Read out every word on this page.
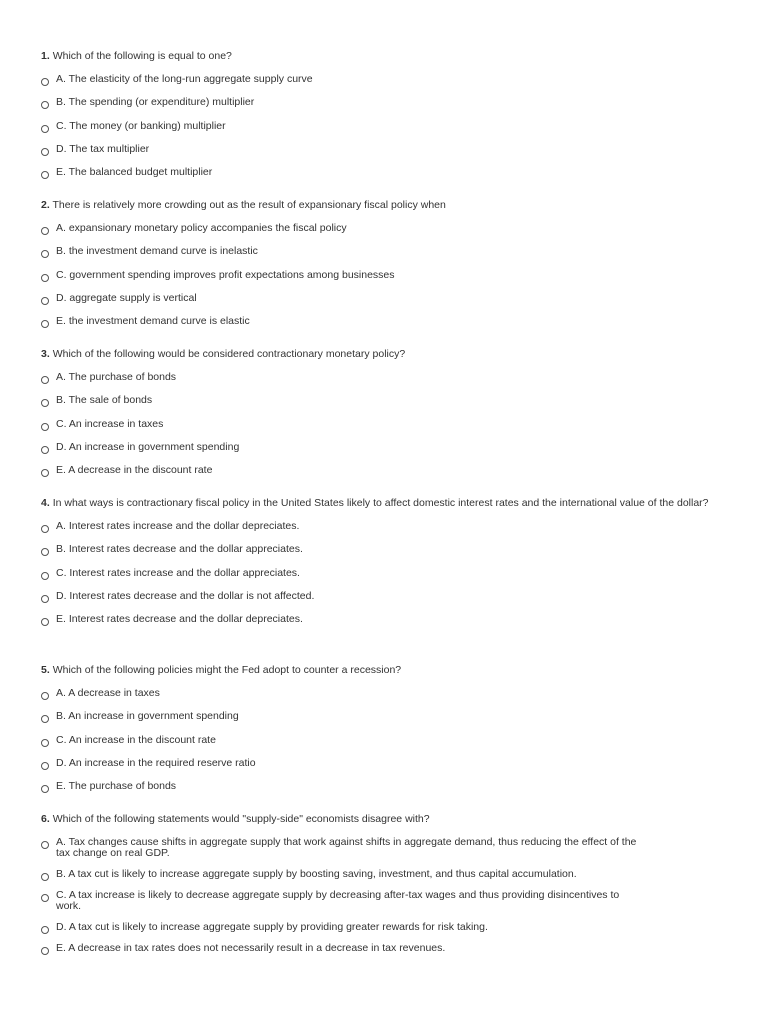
1. Which of the following is equal to one?

A. The elasticity of the long-run aggregate supply curve
B. The spending (or expenditure) multiplier
C. The money (or banking) multiplier
D. The tax multiplier
E. The balanced budget multiplier

2. There is relatively more crowding out as the result of expansionary fiscal policy when

A. expansionary monetary policy accompanies the fiscal policy
B. the investment demand curve is inelastic
C. government spending improves profit expectations among businesses
D. aggregate supply is vertical
E. the investment demand curve is elastic

3. Which of the following would be considered contractionary monetary policy?

A. The purchase of bonds
B. The sale of bonds
C. An increase in taxes
D. An increase in government spending
E. A decrease in the discount rate

4. In what ways is contractionary fiscal policy in the United States likely to affect domestic interest rates and the international value of the dollar?

A. Interest rates increase and the dollar depreciates.
B. Interest rates decrease and the dollar appreciates.
C. Interest rates increase and the dollar appreciates.
D. Interest rates decrease and the dollar is not affected.
E. Interest rates decrease and the dollar depreciates.

5. Which of the following policies might the Fed adopt to counter a recession?

A. A decrease in taxes
B. An increase in government spending
C. An increase in the discount rate
D. An increase in the required reserve ratio
E. The purchase of bonds

6. Which of the following statements would "supply-side" economists disagree with?

A. Tax changes cause shifts in aggregate supply that work against shifts in aggregate demand, thus reducing the effect of the tax change on real GDP.
B. A tax cut is likely to increase aggregate supply by boosting saving, investment, and thus capital accumulation.
C. A tax increase is likely to decrease aggregate supply by decreasing after-tax wages and thus providing disincentives to work.
D. A tax cut is likely to increase aggregate supply by providing greater rewards for risk taking.
E. A decrease in tax rates does not necessarily result in a decrease in tax revenues.
